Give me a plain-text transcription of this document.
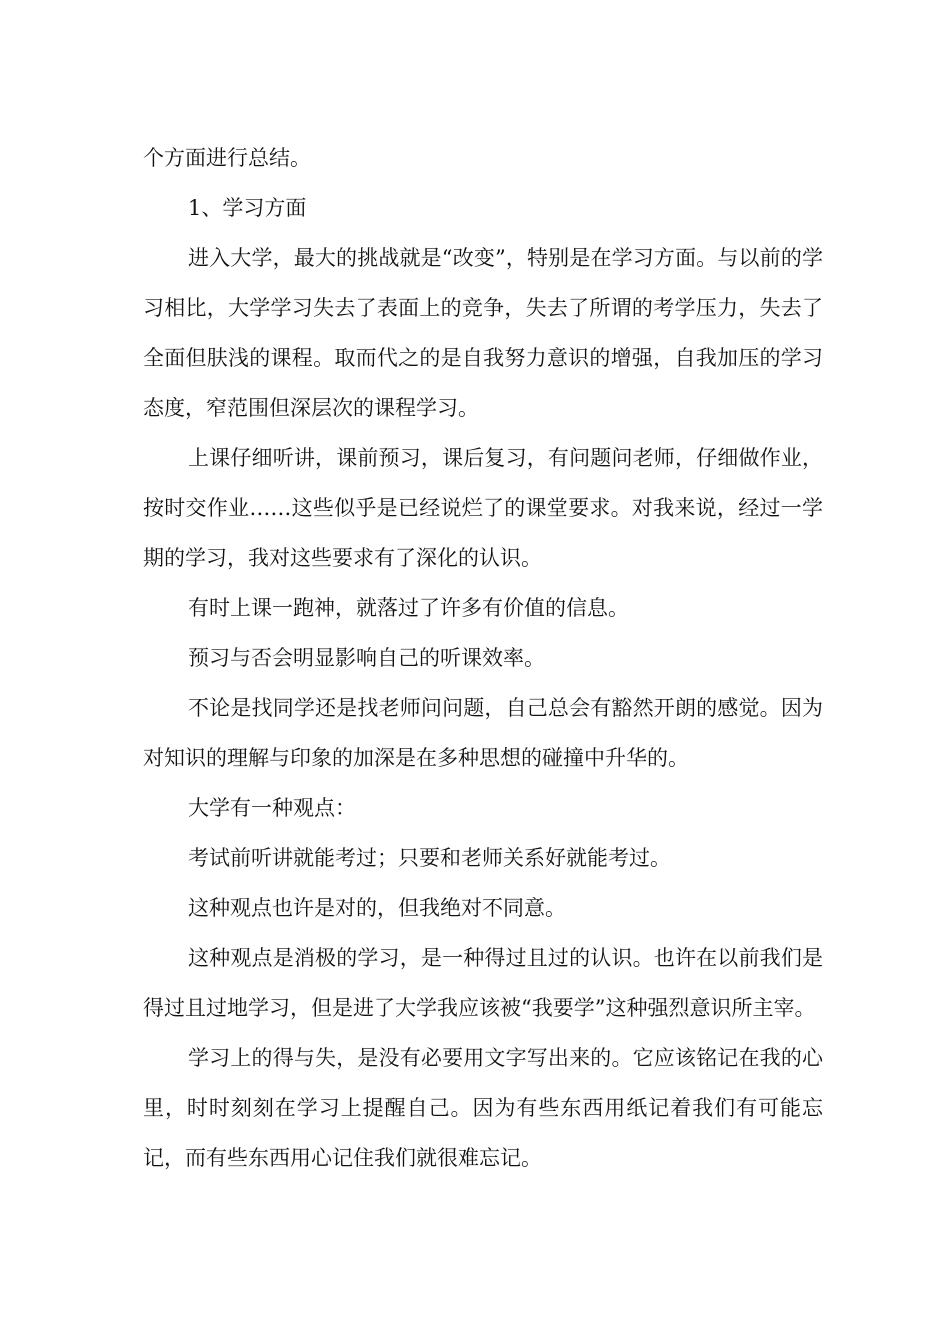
个方面进行总结。

1、学习方面

进入大学，最大的挑战就是“改变”，特别是在学习方面。与以前的学习相比，大学学习失去了表面上的竞争，失去了所谓的考学压力，失去了全面但肤浅的课程。取而代之的是自我努力意识的增强，自我加压的学习态度，窄范围但深层次的课程学习。

上课仔细听讲，课前预习，课后复习，有问题问老师，仔细做作业，按时交作业……这些似乎是已经说烂了的课堂要求。对我来说，经过一学期的学习，我对这些要求有了深化的认识。

有时上课一跑神，就落过了许多有价值的信息。

预习与否会明显影响自己的听课效率。

不论是找同学还是找老师问问题，自己总会有豁然开朗的感觉。因为对知识的理解与印象的加深是在多种思想的碰撞中升华的。

大学有一种观点：

考试前听讲就能考过；只要和老师关系好就能考过。

这种观点也许是对的，但我绝对不同意。

这种观点是消极的学习，是一种得过且过的认识。也许在以前我们是得过且过地学习，但是进了大学我应该被“我要学”这种强烈意识所主宰。

学习上的得与失，是没有必要用文字写出来的。它应该铭记在我的心里，时时刻刻在学习上提醒自己。因为有些东西用纸记着我们有可能忘记，而有些东西用心记住我们就很难忘记。
